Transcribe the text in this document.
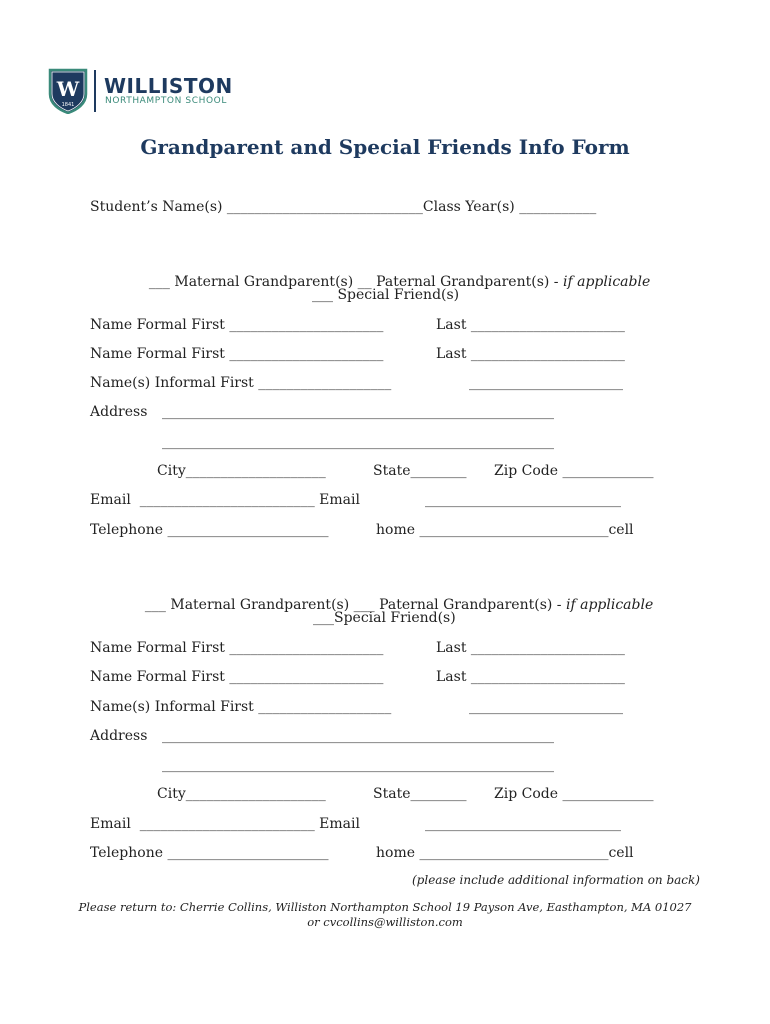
W
1841
WILLISTON
NORTHAMPTON SCHOOL
Grandparent and Special Friends Info Form
Student’s Name(s) ____________________________Class Year(s) ___________

___ Maternal Grandparent(s) __ Paternal Grandparent(s) - if applicable

___ Special Friend(s)
Name Formal First ______________________	Last ______________________
Name Formal First ______________________	Last ______________________
Name(s) Informal First ___________________	______________________
Address ________________________________________________________
________________________________________________________
City____________________	State________ Zip Code _____________
Email  _________________________ Email	____________________________
Telephone _______________________	home ___________________________cell

___ Maternal Grandparent(s) ___ Paternal Grandparent(s) - if applicable

___Special Friend(s)
Name Formal First ______________________	Last ______________________
Name Formal First ______________________	Last ______________________
Name(s) Informal First ___________________	______________________
Address ________________________________________________________
________________________________________________________
City____________________	State________ Zip Code _____________
Email  _________________________ Email	____________________________
Telephone _______________________	home ___________________________cell
(please include additional information on back)
Please return to: Cherrie Collins, Williston Northampton School 19 Payson Ave, Easthampton, MA 01027
or cvcollins@williston.com
